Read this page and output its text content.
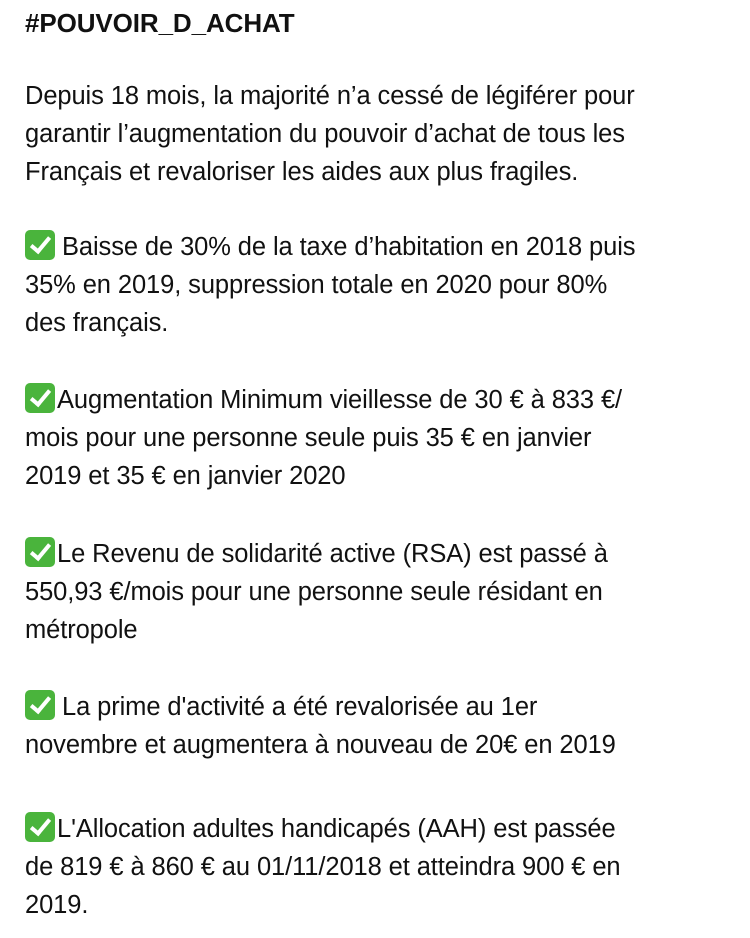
#POUVOIR_D_ACHAT
Depuis 18 mois, la majorité n’a cessé de légiférer pour
garantir l’augmentation du pouvoir d’achat de tous les
Français et revaloriser les aides aux plus fragiles.
Baisse de 30% de la taxe d’habitation en 2018 puis
35% en 2019, suppression totale en 2020 pour 80%
des français.
Augmentation Minimum vieillesse de 30 € à 833 €/
mois pour une personne seule puis 35 € en janvier
2019 et 35 € en janvier 2020
Le Revenu de solidarité active (RSA) est passé à
550,93 €/mois pour une personne seule résidant en
métropole
La prime d'activité a été revalorisée au 1er
novembre et augmentera à nouveau de 20€ en 2019
L'Allocation adultes handicapés (AAH) est passée
de 819 € à 860 € au 01/11/2018 et atteindra 900 € en
2019.
